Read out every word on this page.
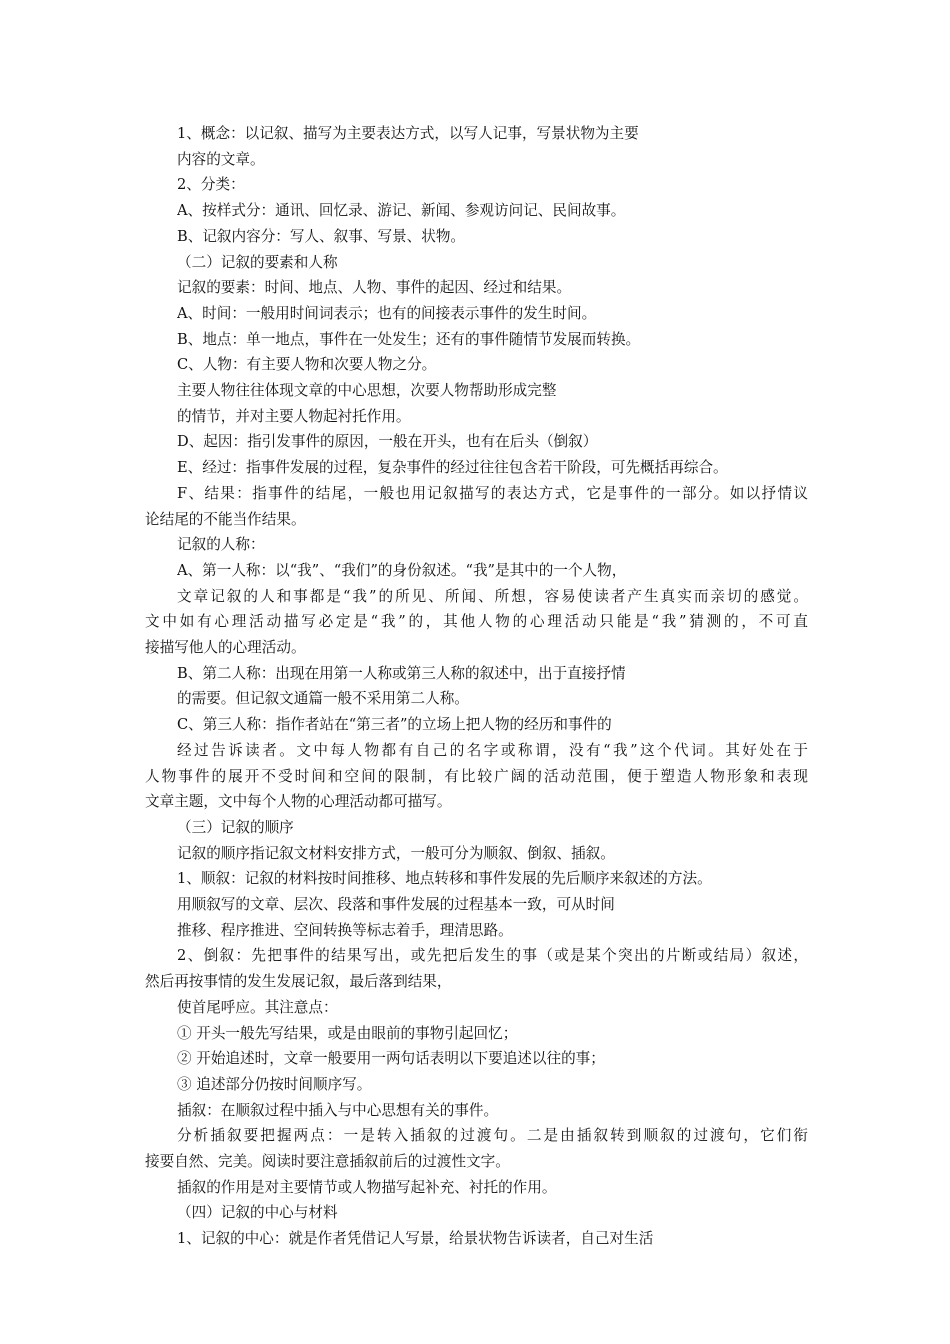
1、概念：以记叙、描写为主要表达方式，以写人记事，写景状物为主要

内容的文章。

2、分类：

A、按样式分：通讯、回忆录、游记、新闻、参观访问记、民间故事。

B、记叙内容分：写人、叙事、写景、状物。

（二）记叙的要素和人称

记叙的要素：时间、地点、人物、事件的起因、经过和结果。

A、时间：一般用时间词表示；也有的间接表示事件的发生时间。

B、地点：单一地点，事件在一处发生；还有的事件随情节发展而转换。

C、人物：有主要人物和次要人物之分。

主要人物往往体现文章的中心思想，次要人物帮助形成完整

的情节，并对主要人物起衬托作用。

D、起因：指引发事件的原因，一般在开头，也有在后头（倒叙）

E、经过：指事件发展的过程，复杂事件的经过往往包含若干阶段，可先概括再综合。

F、结果：指事件的结尾，一般也用记叙描写的表达方式，它是事件的一部分。如以抒情议

论结尾的不能当作结果。

记叙的人称：

A、第一人称：以“我”、“我们”的身份叙述。“我”是其中的一个人物，

文章记叙的人和事都是“我”的所见、所闻、所想，容易使读者产生真实而亲切的感觉。

文中如有心理活动描写必定是“我”的，其他人物的心理活动只能是“我”猜测的，不可直

接描写他人的心理活动。

B、第二人称：出现在用第一人称或第三人称的叙述中，出于直接抒情

的需要。但记叙文通篇一般不采用第二人称。

C、第三人称：指作者站在“第三者”的立场上把人物的经历和事件的

经过告诉读者。文中每人物都有自己的名字或称谓，没有“我”这个代词。其好处在于

人物事件的展开不受时间和空间的限制，有比较广阔的活动范围，便于塑造人物形象和表现

文章主题，文中每个人物的心理活动都可描写。

（三）记叙的顺序

记叙的顺序指记叙文材料安排方式，一般可分为顺叙、倒叙、插叙。

1、顺叙：记叙的材料按时间推移、地点转移和事件发展的先后顺序来叙述的方法。

用顺叙写的文章、层次、段落和事件发展的过程基本一致，可从时间

推移、程序推进、空间转换等标志着手，理清思路。

2、倒叙：先把事件的结果写出，或先把后发生的事（或是某个突出的片断或结局）叙述，

然后再按事情的发生发展记叙，最后落到结果，

使首尾呼应。其注意点：

① 开头一般先写结果，或是由眼前的事物引起回忆；

② 开始追述时，文章一般要用一两句话表明以下要追述以往的事；

③ 追述部分仍按时间顺序写。

插叙：在顺叙过程中插入与中心思想有关的事件。

分析插叙要把握两点：一是转入插叙的过渡句。二是由插叙转到顺叙的过渡句，它们衔

接要自然、完美。阅读时要注意插叙前后的过渡性文字。

插叙的作用是对主要情节或人物描写起补充、衬托的作用。

（四）记叙的中心与材料

1、记叙的中心：就是作者凭借记人写景，给景状物告诉读者，自己对生活
